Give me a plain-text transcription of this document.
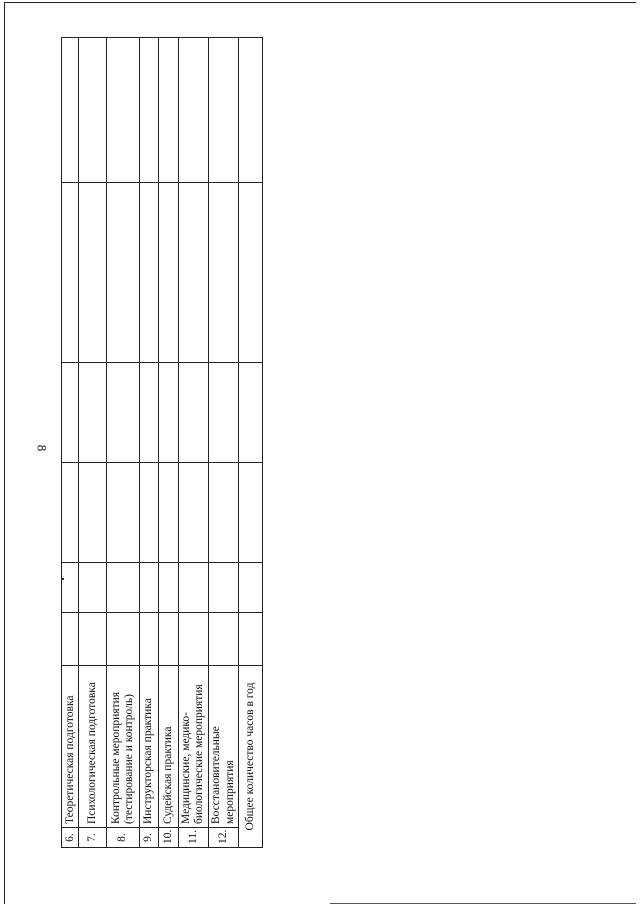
8
6.	Теоретическая подготовка						
7.	Психологическая подготовка						
8.	Контрольные мероприятия (тестирование и контроль)						
9.	Инструкторская практика						
10.	Судейская практика						
11.	Медицинские, медико-биологические мероприятия						
12.	Восстановительные мероприятия						
Общее количество часов в год							
